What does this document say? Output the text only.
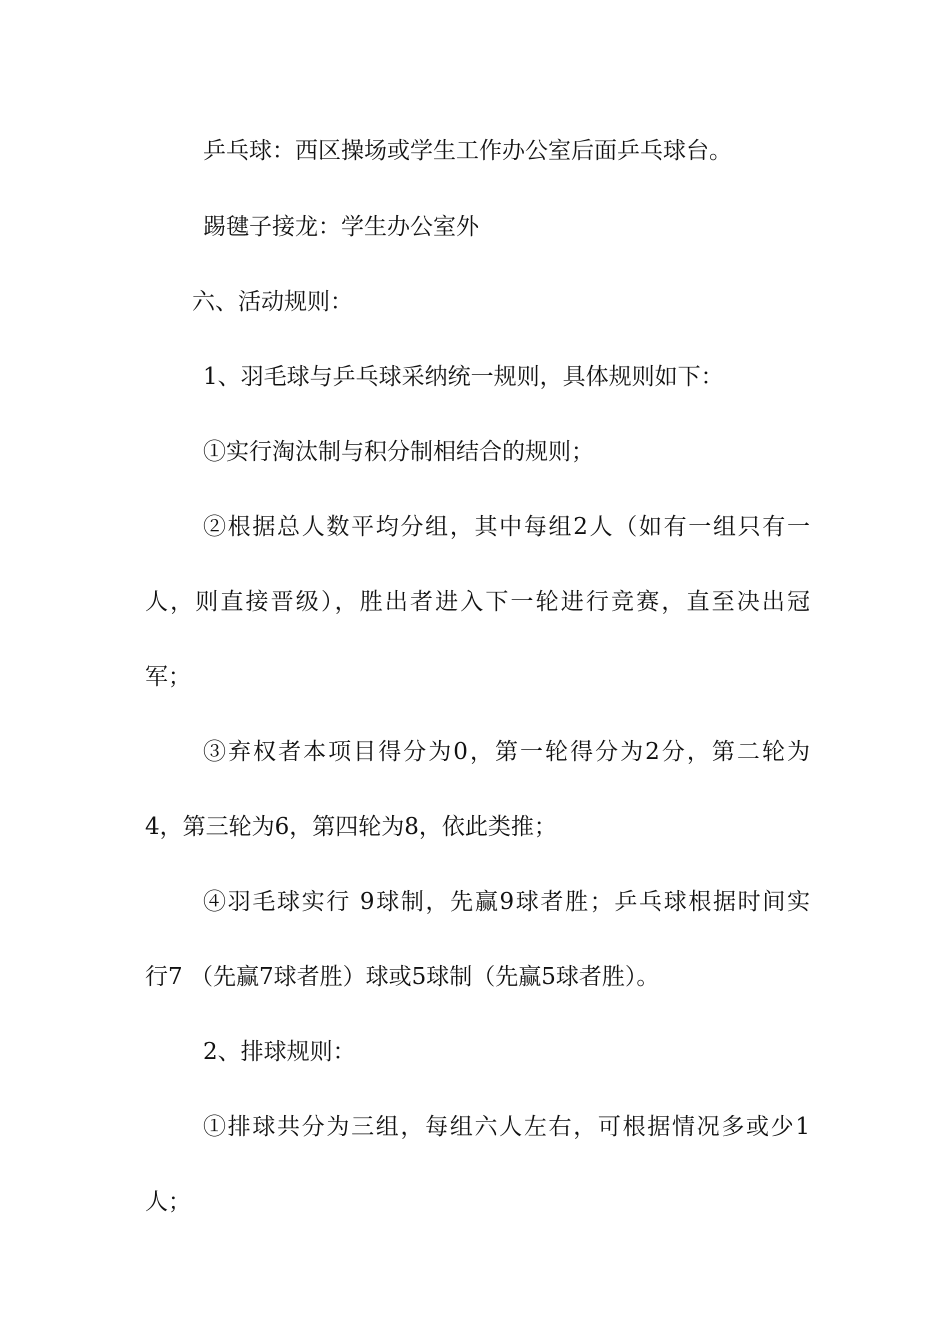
乒乓球：西区操场或学生工作办公室后面乒乓球台。
踢毽子接龙：学生办公室外
六、活动规则：
1、羽毛球与乒乓球采纳统一规则，具体规则如下：
①实行淘汰制与积分制相结合的规则；
②根据总人数平均分组，其中每组2人（如有一组只有一
人，则直接晋级），胜出者进入下一轮进行竞赛，直至决出冠
军；
③弃权者本项目得分为0，第一轮得分为2分，第二轮为
4，第三轮为6，第四轮为8，依此类推；
④羽毛球实行 9球制，先赢9球者胜；乒乓球根据时间实
行7 （先赢7球者胜）球或5球制（先赢5球者胜）。
2、排球规则：
①排球共分为三组，每组六人左右，可根据情况多或少1
人；
